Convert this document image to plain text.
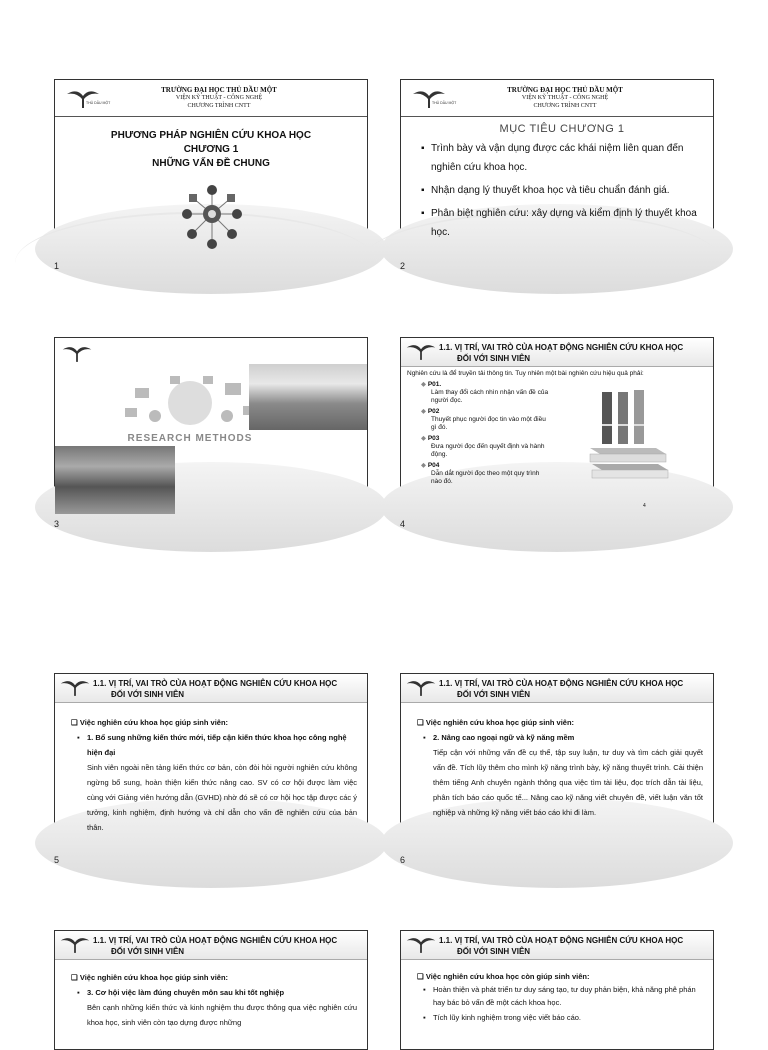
THỦ DẦU MỘT
TRƯỜNG ĐẠI HỌC THỦ DẦU MỘT
VIỆN KỸ THUẬT - CÔNG NGHỆ
CHƯƠNG TRÌNH CNTT
PHƯƠNG PHÁP NGHIÊN CỨU KHOA HỌC
CHƯƠNG 1
NHỮNG VẤN ĐỀ CHUNG
1
THỦ DẦU MỘT
TRƯỜNG ĐẠI HỌC THỦ DẦU MỘT
VIỆN KỸ THUẬT - CÔNG NGHỆ
CHƯƠNG TRÌNH CNTT
MỤC TIÊU CHƯƠNG 1
▪ Trình bày và vận dụng được các khái niệm liên quan đến nghiên cứu khoa học.
▪ Nhận dạng lý thuyết khoa học và tiêu chuẩn đánh giá.
▪ Phân biệt nghiên cứu: xây dựng và kiểm định lý thuyết khoa học.
2
RESEARCH METHODS
3
1.1. VỊ TRÍ, VAI TRÒ CỦA HOẠT ĐỘNG NGHIÊN CỨU KHOA HỌC
ĐỐI VỚI SINH VIÊN
Nghiên cứu là để truyền tải thông tin. Tuy nhiên một bài nghiên cứu hiệu quả phải:
◆ P01.
Làm thay đổi cách nhìn nhận vấn đề của người đọc.
◆ P02
Thuyết phục người đọc tin vào một điều gì đó.
◆ P03
Đưa người đọc đến quyết định và hành động.
◆ P04
Dẫn dắt người đọc theo một quy trình nào đó.
4
4
1.1. VỊ TRÍ, VAI TRÒ CỦA HOẠT ĐỘNG NGHIÊN CỨU KHOA HỌC
ĐỐI VỚI SINH VIÊN
❑ Việc nghiên cứu khoa học giúp sinh viên:
▪ 1. Bổ sung những kiến thức mới, tiếp cận kiến thức khoa học công nghệ hiện đại
Sinh viên ngoài nền tảng kiến thức cơ bản, còn đòi hỏi người nghiên cứu không ngừng bổ sung, hoàn thiện kiến thức nâng cao. SV có cơ hội được làm việc cùng với Giảng viên hướng dẫn (GVHD) nhờ đó sẽ có cơ hội học tập được các ý tưởng, kinh nghiệm, định hướng và chỉ dẫn cho vấn đề nghiên cứu của bản thân.
5
1.1. VỊ TRÍ, VAI TRÒ CỦA HOẠT ĐỘNG NGHIÊN CỨU KHOA HỌC
ĐỐI VỚI SINH VIÊN
❑ Việc nghiên cứu khoa học giúp sinh viên:
▪ 2. Nâng cao ngoại ngữ và kỹ năng mềm
Tiếp cận với những vấn đề cụ thể, tập suy luận, tư duy và tìm cách giải quyết vấn đề. Tích lũy thêm cho mình kỹ năng trình bày, kỹ năng thuyết trình. Cải thiện thêm tiếng Anh chuyên ngành thông qua việc tìm tài liệu, đọc trích dẫn tài liệu, phân tích báo cáo quốc tế... Nâng cao kỹ năng viết chuyên đề, viết luận văn tốt nghiệp và những kỹ năng viết báo cáo khi đi làm.
6
1.1. VỊ TRÍ, VAI TRÒ CỦA HOẠT ĐỘNG NGHIÊN CỨU KHOA HỌC
ĐỐI VỚI SINH VIÊN
❑ Việc nghiên cứu khoa học giúp sinh viên:
▪ 3. Cơ hội việc làm đúng chuyên môn sau khi tốt nghiệp
Bên cạnh những kiến thức và kinh nghiệm thu được thông qua việc nghiên cứu khoa học, sinh viên còn tạo dựng được những
1.1. VỊ TRÍ, VAI TRÒ CỦA HOẠT ĐỘNG NGHIÊN CỨU KHOA HỌC
ĐỐI VỚI SINH VIÊN
❑ Việc nghiên cứu khoa học còn giúp sinh viên:
▪ Hoàn thiện và phát triển tư duy sáng tạo, tư duy phản biện, khả năng phê phán hay bác bỏ vấn đề một cách khoa học.
▪ Tích lũy kinh nghiệm trong việc viết báo cáo.
